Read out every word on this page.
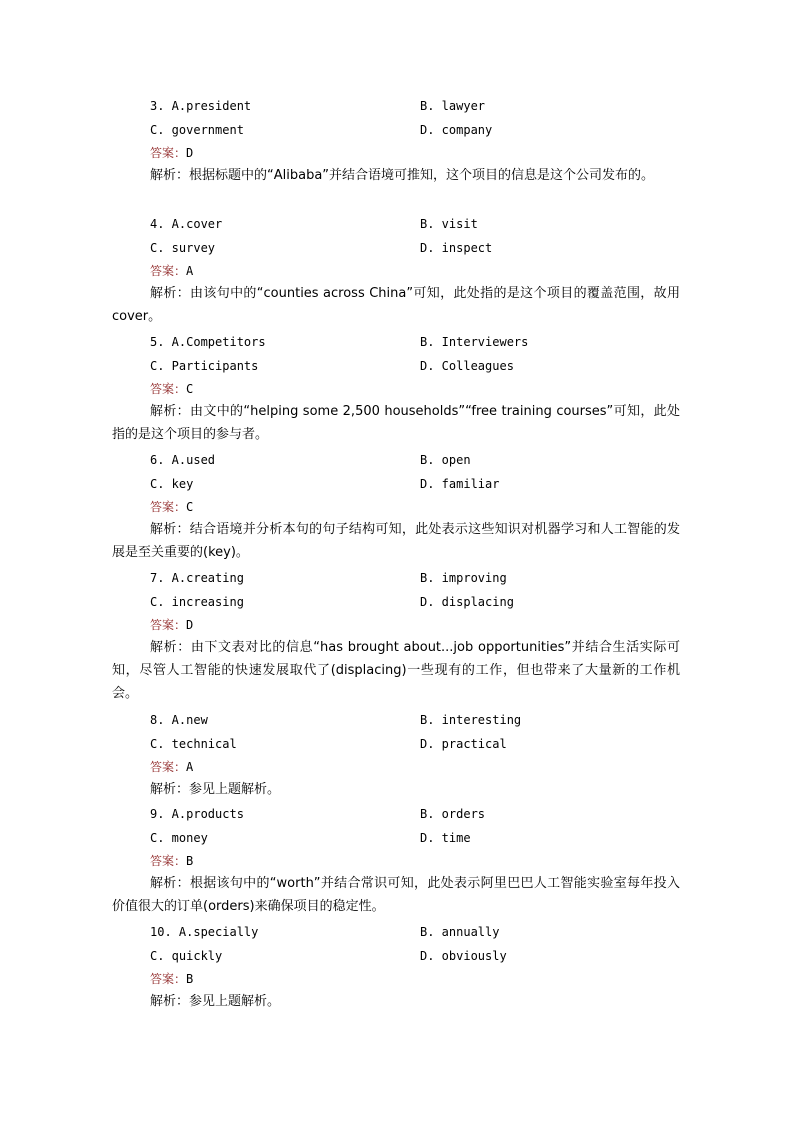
3. A.president	B. lawyer
C. government	D. company
答案：D
解析：根据标题中的“Alibaba”并结合语境可推知，这个项目的信息是这个公司发布的。
4. A.cover	B. visit
C. survey	D. inspect
答案：A
解析：由该句中的“counties across China”可知，此处指的是这个项目的覆盖范围，故用 cover。
5. A.Competitors	B. Interviewers
C. Participants	D. Colleagues
答案：C
解析：由文中的“helping some 2,500 households”“free training courses”可知，此处指的是这个项目的参与者。
6. A.used	B. open
C. key	D. familiar
答案：C
解析：结合语境并分析本句的句子结构可知，此处表示这些知识对机器学习和人工智能的发展是至关重要的(key)。
7. A.creating	B. improving
C. increasing	D. displacing
答案：D
解析：由下文表对比的信息“has brought about...job opportunities”并结合生活实际可知，尽管人工智能的快速发展取代了(displacing)一些现有的工作，但也带来了大量新的工作机会。
8. A.new	B. interesting
C. technical	D. practical
答案：A
解析：参见上题解析。
9. A.products	B. orders
C. money	D. time
答案：B
解析：根据该句中的“worth”并结合常识可知，此处表示阿里巴巴人工智能实验室每年投入价值很大的订单(orders)来确保项目的稳定性。
10. A.specially	B. annually
C. quickly	D. obviously
答案：B
解析：参见上题解析。
